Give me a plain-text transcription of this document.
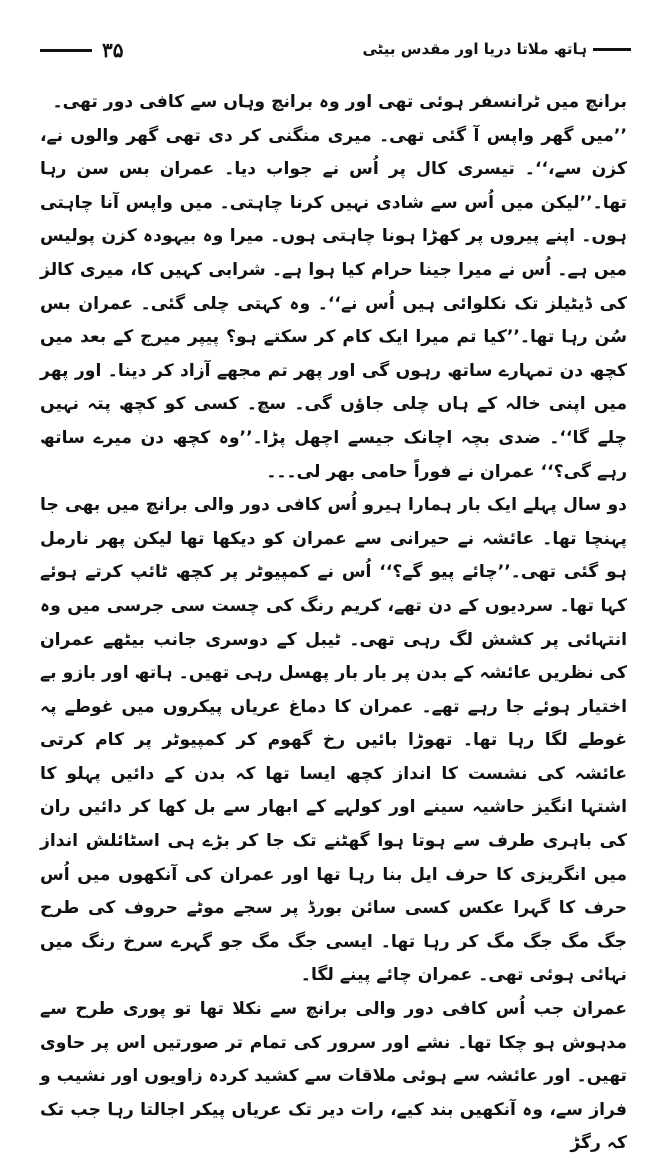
۳۵	ہاتھ ملاتا دریا اور مقدس بیٹی

برانچ میں ٹرانسفر ہوئی تھی اور وہ برانچ وہاں سے کافی دور تھی۔

’’میں گھر واپس آ گئی تھی۔ میری منگنی کر دی تھی گھر والوں نے، کزن سے،‘‘۔ تیسری کال پر اُس نے جواب دیا۔ عمران بس سن رہا تھا۔’’لیکن میں اُس سے شادی نہیں کرنا چاہتی۔ میں واپس آنا چاہتی ہوں۔ اپنے پیروں پر کھڑا ہونا چاہتی ہوں۔ میرا وہ بیہودہ کزن پولیس میں ہے۔ اُس نے میرا جینا حرام کیا ہوا ہے۔ شرابی کہیں کا، میری کالز کی ڈیٹیلز تک نکلوائی ہیں اُس نے‘‘۔ وہ کہتی چلی گئی۔ عمران بس سُن رہا تھا۔’’کیا تم میرا ایک کام کر سکتے ہو؟ پیپر میرج کے بعد میں کچھ دن تمہارے ساتھ رہوں گی اور پھر تم مجھے آزاد کر دینا۔ اور پھر میں اپنی خالہ کے ہاں چلی جاؤں گی۔ سچ۔ کسی کو کچھ پتہ نہیں چلے گا‘‘۔ ضدی بچہ اچانک جیسے اچھل پڑا۔’’وہ کچھ دن میرے ساتھ رہے گی؟‘‘ عمران نے فوراً حامی بھر لی۔۔۔

دو سال پہلے ایک بار ہمارا ہیرو اُس کافی دور والی برانچ میں بھی جا پہنچا تھا۔ عائشہ نے حیرانی سے عمران کو دیکھا تھا لیکن پھر نارمل ہو گئی تھی۔’’چائے پیو گے؟‘‘ اُس نے کمپیوٹر پر کچھ ٹائپ کرتے ہوئے کہا تھا۔ سردیوں کے دن تھے، کریم رنگ کی چست سی جرسی میں وہ انتہائی پر کشش لگ رہی تھی۔ ٹیبل کے دوسری جانب بیٹھے عمران کی نظریں عائشہ کے بدن پر بار بار پھسل رہی تھیں۔ ہاتھ اور بازو بے اختیار ہوئے جا رہے تھے۔ عمران کا دماغ عریاں پیکروں میں غوطے پہ غوطے لگا رہا تھا۔ تھوڑا بائیں رخ گھوم کر کمپیوٹر پر کام کرتی عائشہ کی نشست کا انداز کچھ ایسا تھا کہ بدن کے دائیں پہلو کا اشتہا انگیز حاشیہ سینے اور کولہے کے ابھار سے بل کھا کر دائیں ران کی باہری طرف سے ہوتا ہوا گھٹنے تک جا کر بڑے ہی اسٹائلش انداز میں انگریزی کا حرف ایل بنا رہا تھا اور عمران کی آنکھوں میں اُس حرف کا گہرا عکس کسی سائن بورڈ پر سجے موٹے حروف کی طرح جگ مگ جگ مگ کر رہا تھا۔ ایسی جگ مگ جو گہرے سرخ رنگ میں نہائی ہوئی تھی۔ عمران چائے پینے لگا۔

عمران جب اُس کافی دور والی برانچ سے نکلا تھا تو پوری طرح سے مدہوش ہو چکا تھا۔ نشے اور سرور کی تمام تر صورتیں اس پر حاوی تھیں۔ اور عائشہ سے ہوئی ملاقات سے کشید کردہ زاویوں اور نشیب و فراز سے، وہ آنکھیں بند کیے، رات دیر تک عریاں پیکر اجالتا رہا جب تک کہ رگڑ
